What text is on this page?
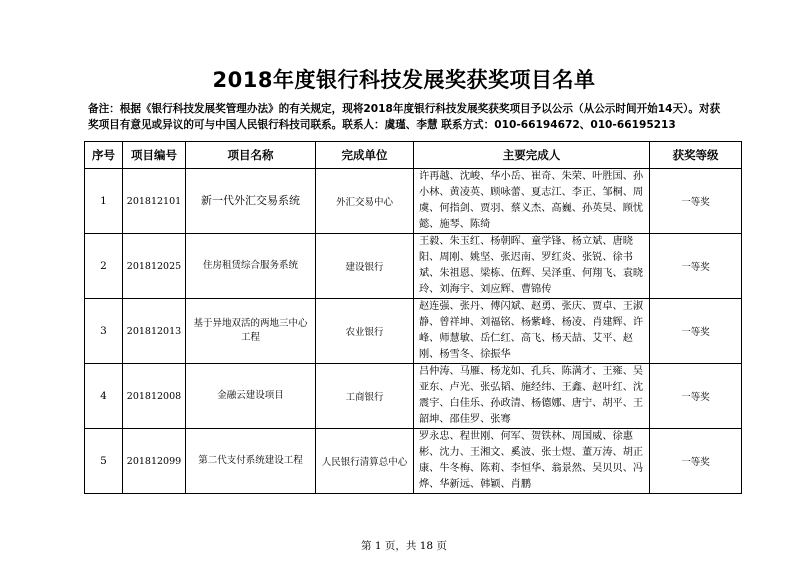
2018年度银行科技发展奖获奖项目名单
备注：根据《银行科技发展奖管理办法》的有关规定，现将2018年度银行科技发展奖获奖项目予以公示（从公示时间开始14天）。对获奖项目有意见或异议的可与中国人民银行科技司联系。联系人：虞瑾、李慧 联系方式：010-66194672、010-66195213
序号	项目编号	项目名称	完成单位	主要完成人	获奖等级
1	201812101	新一代外汇交易系统	外汇交易中心	许再越、沈峻、华小岳、崔奇、朱荣、叶胜国、孙小林、黄凌英、顾咏蕾、夏志江、李正、邹桐、周虞、何指剑、贾羽、蔡义杰、高巍、孙英昊、顾忧懿、施琴、陈绮	一等奖
2	201812025	住房租赁综合服务系统	建设银行	王毅、朱玉红、杨朝晖、童学锋、杨立斌、唐晓阳、周刚、姚坚、张迟南、罗红炎、张锐、徐书斌、朱祖恩、梁栋、伍辉、吴泽重、何翔飞、袁晓玲、刘海宇、刘应辉、曹锦传	一等奖
3	201812013	基于异地双活的两地三中心工程	农业银行	赵连强、张丹、傅闪斌、赵勇、张庆、贾卓、王淑静、曾祥坤、刘福铭、杨紫峰、杨凌、肖建辉、许峰、师慧敏、岳仁红、高飞、杨天喆、艾平、赵刚、杨雪冬、徐振华	一等奖
4	201812008	金融云建设项目	工商银行	吕仲涛、马雁、杨龙如、孔兵、陈满才、王雍、吴亚东、卢光、张弘韬、施经纬、王鑫、赵叶红、沈震宇、白佳乐、孙政清、杨德娜、唐宁、胡平、王韶坤、邵佳罗、张骞	一等奖
5	201812099	第二代支付系统建设工程	人民银行清算总中心	罗永忠、程世刚、何军、贺铁林、周国威、徐惠彬、沈力、王湘文、奚波、张士煜、董万涛、胡正康、牛冬梅、陈莉、李恒华、翁景然、吴贝贝、冯烨、华新远、韩颖、肖鹏	一等奖
第 1 页，共 18 页
